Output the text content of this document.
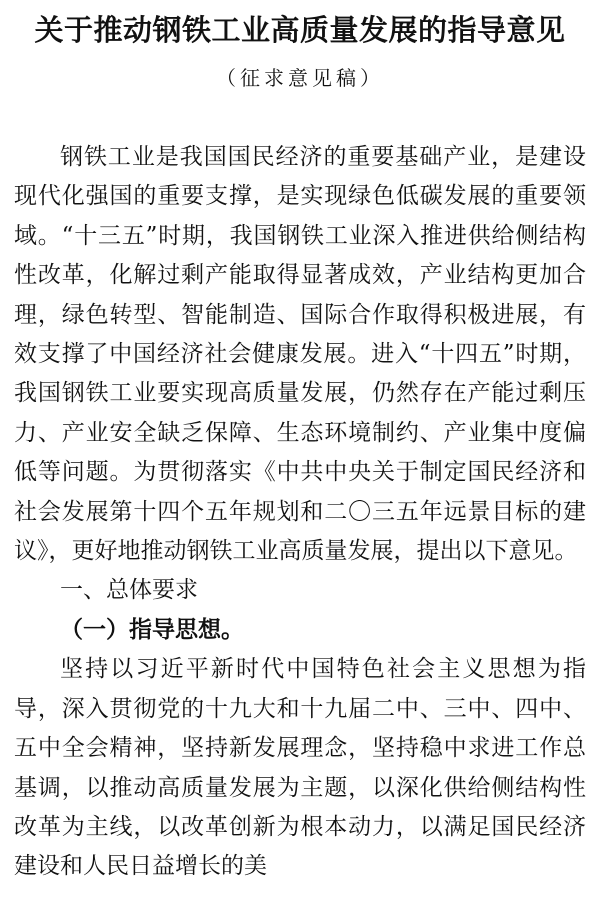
关于推动钢铁工业高质量发展的指导意见
（征求意见稿）

钢铁工业是我国国民经济的重要基础产业，是建设现代化强国的重要支撑，是实现绿色低碳发展的重要领域。“十三五”时期，我国钢铁工业深入推进供给侧结构性改革，化解过剩产能取得显著成效，产业结构更加合理，绿色转型、智能制造、国际合作取得积极进展，有效支撑了中国经济社会健康发展。进入“十四五”时期，我国钢铁工业要实现高质量发展，仍然存在产能过剩压力、产业安全缺乏保障、生态环境制约、产业集中度偏低等问题。为贯彻落实《中共中央关于制定国民经济和社会发展第十四个五年规划和二〇三五年远景目标的建议》，更好地推动钢铁工业高质量发展，提出以下意见。

一、总体要求

（一）指导思想。

坚持以习近平新时代中国特色社会主义思想为指导，深入贯彻党的十九大和十九届二中、三中、四中、五中全会精神，坚持新发展理念，坚持稳中求进工作总基调，以推动高质量发展为主题，以深化供给侧结构性改革为主线，以改革创新为根本动力，以满足国民经济建设和人民日益增长的美
